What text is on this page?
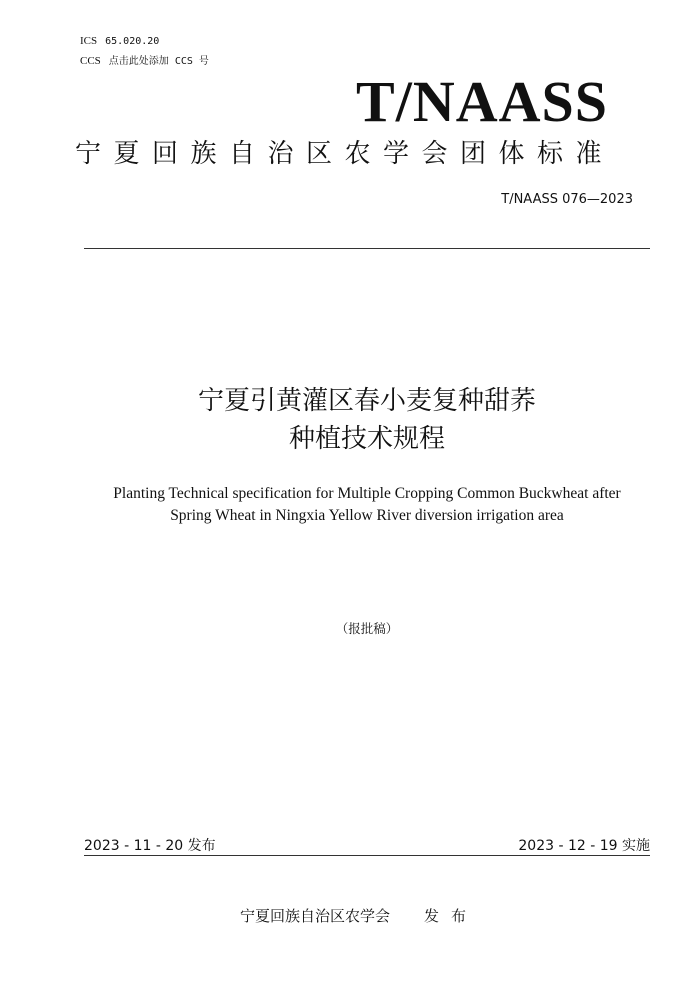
ICS 65.020.20
CCS 点击此处添加 CCS 号
T/NAASS
宁夏回族自治区农学会团体标准
T/NAASS 076—2023
宁夏引黄灌区春小麦复种甜荞
种植技术规程
Planting Technical specification for Multiple Cropping Common Buckwheat after
Spring Wheat in Ningxia Yellow River diversion irrigation area
（报批稿）
2023 - 11 - 20 发布	2023 - 12 - 19 实施
宁夏回族自治区农学会 发布
